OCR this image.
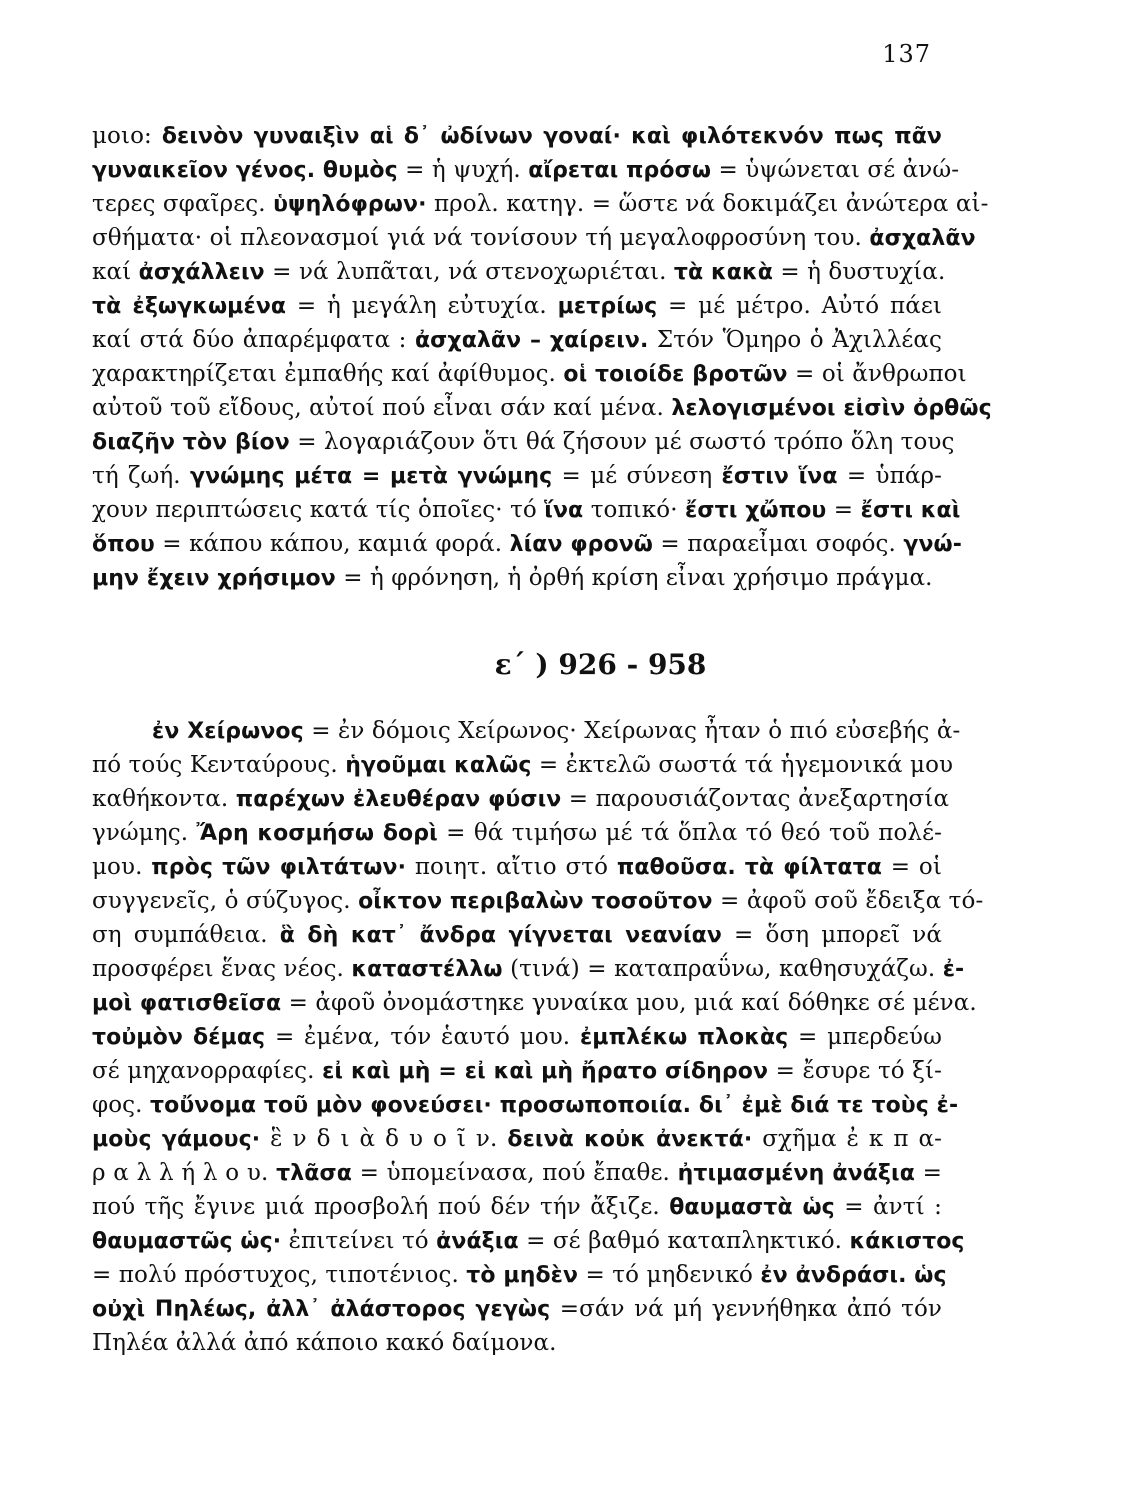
137
μοιο: δεινὸν γυναιξὶν αἱ δ᾽ ὠδίνων γοναί· καὶ φιλότεκνόν πως πᾶν
γυναικεῖον γένος. θυμὸς = ἡ ψυχή. αἴρεται πρόσω = ὑψώνεται σέ ἀνώ-
τερες σφαῖρες. ὑψηλόφρων· προλ. κατηγ. = ὥστε νά δοκιμάζει ἀνώτερα αἰ-
σθήματα· οἱ πλεονασμοί γιά νά τονίσουν τή μεγαλοφροσύνη του. ἀσχαλᾶν
καί ἀσχάλλειν = νά λυπᾶται, νά στενοχωριέται. τὰ κακὰ = ἡ δυστυχία.
τὰ ἐξωγκωμένα = ἡ μεγάλη εὐτυχία. μετρίως = μέ μέτρο. Αὐτό πάει
καί στά δύο ἀπαρέμφατα : ἀσχαλᾶν – χαίρειν. Στόν Ὅμηρο ὁ Ἀχιλλέας
χαρακτηρίζεται ἐμπαθής καί ἀφίθυμος. οἱ τοιοίδε βροτῶν = οἱ ἄνθρωποι
αὐτοῦ τοῦ εἴδους, αὐτοί πού εἶναι σάν καί μένα. λελογισμένοι εἰσὶν ὀρθῶς
διαζῆν τὸν βίον = λογαριάζουν ὅτι θά ζήσουν μέ σωστό τρόπο ὅλη τους
τή ζωή. γνώμης μέτα = μετὰ γνώμης = μέ σύνεση ἔστιν ἵνα = ὑπάρ-
χουν περιπτώσεις κατά τίς ὁποῖες· τό ἵνα τοπικό· ἔστι χὤπου = ἔστι καὶ
ὅπου = κάπου κάπου, καμιά φορά. λίαν φρονῶ = παραεἶμαι σοφός. γνώ-
μην ἔχειν χρήσιμον = ἡ φρόνηση, ἡ ὀρθή κρίση εἶναι χρήσιμο πράγμα.
ε΄ ) 926 - 958
ἐν Χείρωνος = ἐν δόμοις Χείρωνος· Χείρωνας ἦταν ὁ πιό εὐσεβής ἀ-
πό τούς Κενταύρους. ἡγοῦμαι καλῶς = ἐκτελῶ σωστά τά ἡγεμονικά μου
καθήκοντα. παρέχων ἐλευθέραν φύσιν = παρουσιάζοντας ἀνεξαρτησία
γνώμης. Ἄρη κοσμήσω δορὶ = θά τιμήσω μέ τά ὅπλα τό θεό τοῦ πολέ-
μου. πρὸς τῶν φιλτάτων· ποιητ. αἴτιο στό παθοῦσα. τὰ φίλτατα = οἱ
συγγενεῖς, ὁ σύζυγος. οἶκτον περιβαλὼν τοσοῦτον = ἀφοῦ σοῦ ἔδειξα τό-
ση συμπάθεια. ἃ δὴ κατ᾽ ἄνδρα γίγνεται νεανίαν = ὅση μπορεῖ νά
προσφέρει ἕνας νέος. καταστέλλω (τινά) = καταπραΰνω, καθησυχάζω. ἐ-
μοὶ φατισθεῖσα = ἀφοῦ ὀνομάστηκε γυναίκα μου, μιά καί δόθηκε σέ μένα.
τοὐμὸν δέμας = ἐμένα, τόν ἑαυτό μου. ἐμπλέκω πλοκὰς = μπερδεύω
σέ μηχανορραφίες. εἰ καὶ μὴ = εἰ καὶ μὴ ἤρατο σίδηρον = ἔσυρε τό ξί-
φος. τοὔνομα τοῦ μὸν φονεύσει· προσωποποιία. δι᾽ ἐμὲ διά τε τοὺς ἐ-
μοὺς γάμους· ἓ ν δ ι ὰ δ υ ο ῖ ν. δεινὰ κοὐκ ἀνεκτά· σχῆμα ἐ κ π α-
ρ α λ λ ή λ ο υ. τλᾶσα = ὑπομείνασα, πού ἔπαθε. ἠτιμασμένη ἀνάξια =
πού τῆς ἔγινε μιά προσβολή πού δέν τήν ἄξιζε. θαυμαστὰ ὡς = ἀντί :
θαυμαστῶς ὡς· ἐπιτείνει τό ἀνάξια = σέ βαθμό καταπληκτικό. κάκιστος
= πολύ πρόστυχος, τιποτένιος. τὸ μηδὲν = τό μηδενικό ἐν ἀνδράσι. ὡς
οὐχὶ Πηλέως, ἀλλ᾽ ἀλάστορος γεγὼς =σάν νά μή γεννήθηκα ἀπό τόν
Πηλέα ἀλλά ἀπό κάποιο κακό δαίμονα.
